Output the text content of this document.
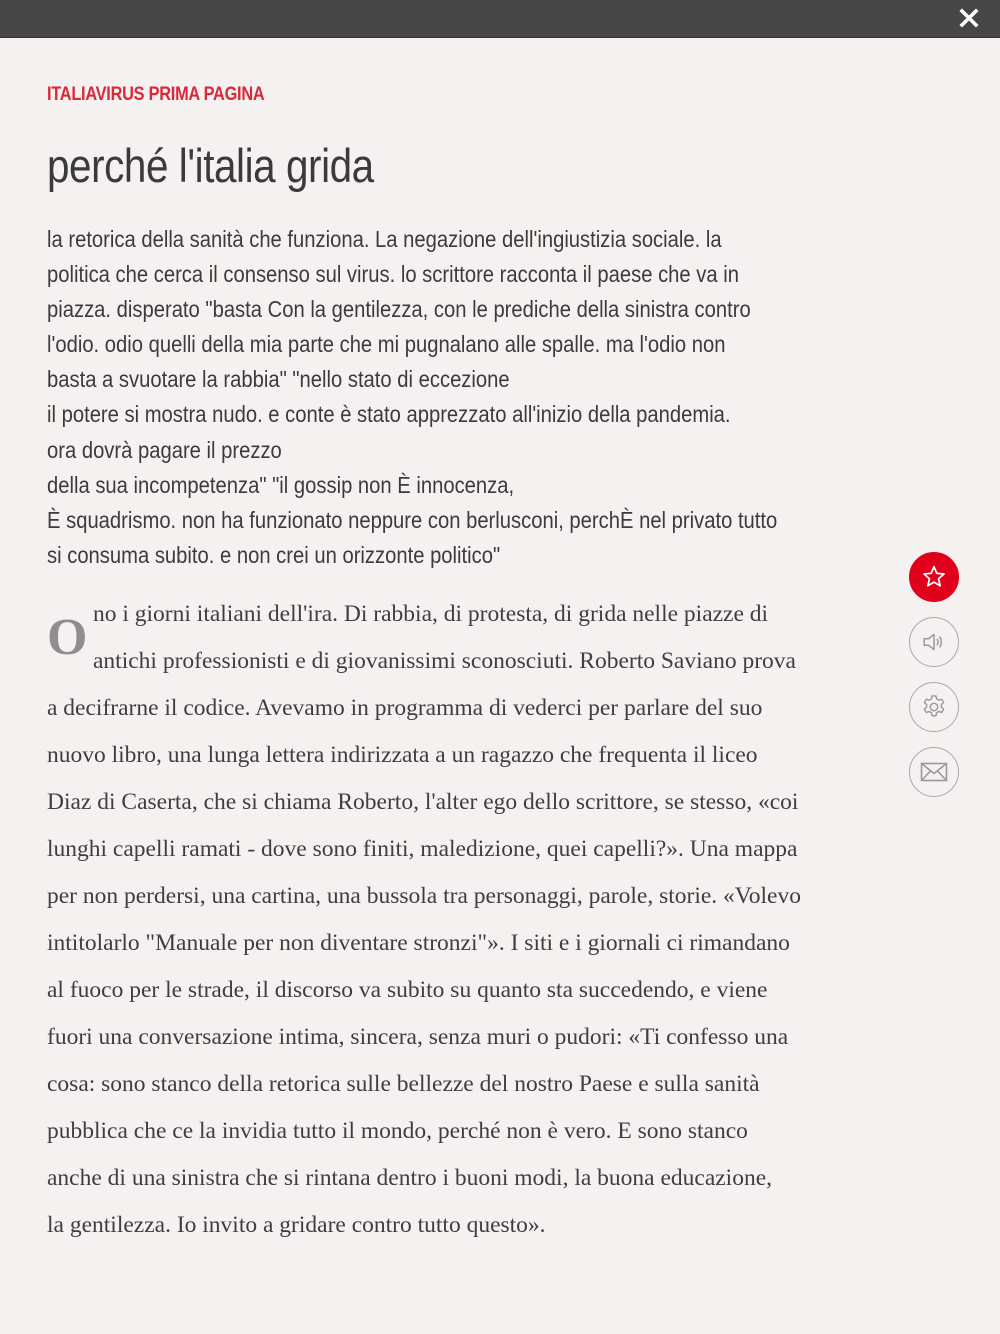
ITALIAVIRUS PRIMA PAGINA
perché l'italia grida
la retorica della sanità che funziona. La negazione dell'ingiustizia sociale. la
politica che cerca il consenso sul virus. lo scrittore racconta il paese che va in
piazza. disperato "basta Con la gentilezza, con le prediche della sinistra contro
l'odio. odio quelli della mia parte che mi pugnalano alle spalle. ma l'odio non
basta a svuotare la rabbia" "nello stato di eccezione
il potere si mostra nudo. e conte è stato apprezzato all'inizio della pandemia.
ora dovrà pagare il prezzo
della sua incompetenza" "il gossip non È innocenza,
È squadrismo. non ha funzionato neppure con berlusconi, perchÈ nel privato tutto
si consuma subito. e non crei un orizzonte politico"
O no i giorni italiani dell'ira. Di rabbia, di protesta, di grida nelle piazze di
antichi professionisti e di giovanissimi sconosciuti. Roberto Saviano prova
a decifrarne il codice. Avevamo in programma di vederci per parlare del suo
nuovo libro, una lunga lettera indirizzata a un ragazzo che frequenta il liceo
Diaz di Caserta, che si chiama Roberto, l'alter ego dello scrittore, se stesso, «coi
lunghi capelli ramati - dove sono finiti, maledizione, quei capelli?». Una mappa
per non perdersi, una cartina, una bussola tra personaggi, parole, storie. «Volevo
intitolarlo "Manuale per non diventare stronzi"». I siti e i giornali ci rimandano
al fuoco per le strade, il discorso va subito su quanto sta succedendo, e viene
fuori una conversazione intima, sincera, senza muri o pudori: «Ti confesso una
cosa: sono stanco della retorica sulle bellezze del nostro Paese e sulla sanità
pubblica che ce la invidia tutto il mondo, perché non è vero. E sono stanco
anche di una sinistra che si rintana dentro i buoni modi, la buona educazione,
la gentilezza. Io invito a gridare contro tutto questo».
